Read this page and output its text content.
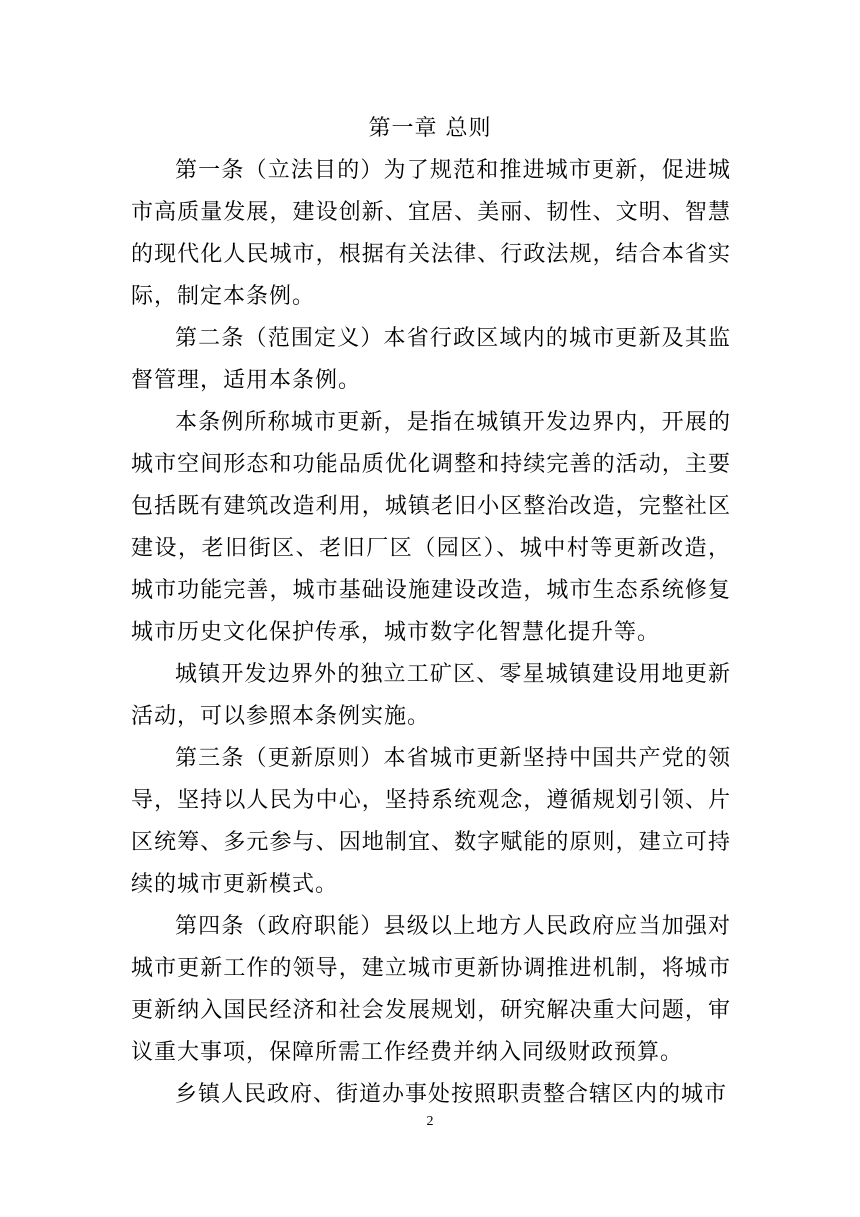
第一章 总则

第一条（立法目的）为了规范和推进城市更新，促进城市高质量发展，建设创新、宜居、美丽、韧性、文明、智慧的现代化人民城市，根据有关法律、行政法规，结合本省实际，制定本条例。

第二条（范围定义）本省行政区域内的城市更新及其监督管理，适用本条例。

本条例所称城市更新，是指在城镇开发边界内，开展的城市空间形态和功能品质优化调整和持续完善的活动，主要包括既有建筑改造利用，城镇老旧小区整治改造，完整社区建设，老旧街区、老旧厂区（园区）、城中村等更新改造，城市功能完善，城市基础设施建设改造，城市生态系统修复城市历史文化保护传承，城市数字化智慧化提升等。

城镇开发边界外的独立工矿区、零星城镇建设用地更新活动，可以参照本条例实施。

第三条（更新原则）本省城市更新坚持中国共产党的领导，坚持以人民为中心，坚持系统观念，遵循规划引领、片区统筹、多元参与、因地制宜、数字赋能的原则，建立可持续的城市更新模式。

第四条（政府职能）县级以上地方人民政府应当加强对城市更新工作的领导，建立城市更新协调推进机制，将城市更新纳入国民经济和社会发展规划，研究解决重大问题，审议重大事项，保障所需工作经费并纳入同级财政预算。

乡镇人民政府、街道办事处按照职责整合辖区内的城市

2
